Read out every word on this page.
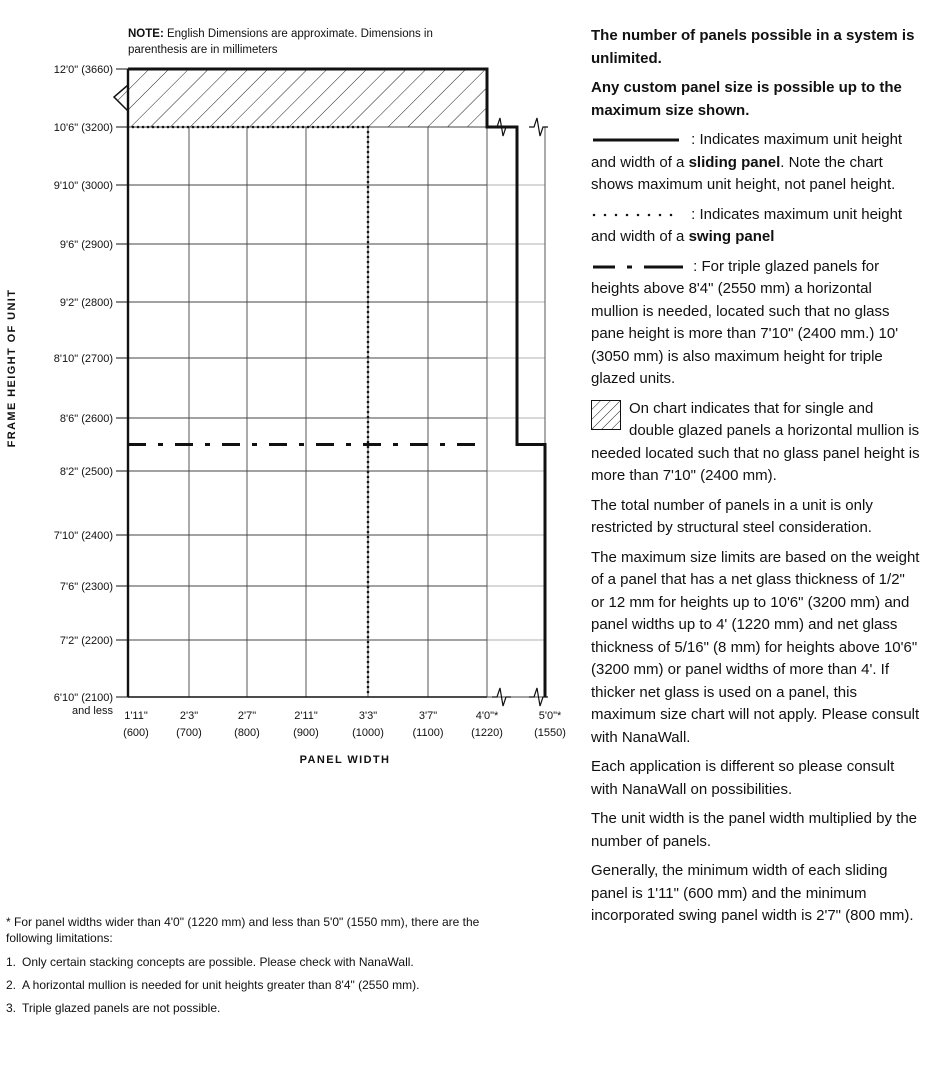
NOTE: English Dimensions are approximate. Dimensions in parenthesis are in millimeters
12'0" (3660)
10'6" (3200)
9'10" (3000)
9'6" (2900)
9'2" (2800)
8'10" (2700)
8'6" (2600)
8'2" (2500)
7'10" (2400)
7'6" (2300)
7'2" (2200)
6'10" (2100)
and less 1'11"
(600)
2'3"
(700)
2'7"
(800)
2'11"
(900)
3'3"
(1000)
3'7"
(1100)
4'0"*
(1220)
5'0"*
(1550)
FRAME HEIGHT OF UNIT
PANEL WIDTH

The number of panels possible in a system is unlimited.

Any custom panel size is possible up to the maximum size shown.

: Indicates maximum unit height and width of a sliding panel. Note the chart shows maximum unit height, not panel height.

: Indicates maximum unit height and width of a swing panel

: For triple glazed panels for heights above 8'4" (2550 mm) a horizontal mullion is needed, located such that no glass pane height is more than 7'10" (2400 mm.) 10' (3050 mm) is also maximum height for triple glazed units.

On chart indicates that for single and double glazed panels a horizontal mullion is needed located such that no glass panel height is more than 7'10" (2400 mm).

The total number of panels in a unit is only restricted by structural steel consideration.

The maximum size limits are based on the weight of a panel that has a net glass thickness of 1/2" or 12 mm for heights up to 10'6" (3200 mm) and panel widths up to 4' (1220 mm) and net glass thickness of 5/16" (8 mm) for heights above 10'6" (3200 mm) or panel widths of more than 4'. If thicker net glass is used on a panel, this maximum size chart will not apply. Please consult with NanaWall.

Each application is different so please consult with NanaWall on possibilities.

The unit width is the panel width multiplied by the number of panels.

Generally, the minimum width of each sliding panel is 1'11" (600 mm) and the minimum incorporated swing panel width is 2'7" (800 mm).

* For panel widths wider than 4'0" (1220 mm) and less than 5'0" (1550 mm), there are the following limitations:

1. Only certain stacking concepts are possible. Please check with NanaWall.
2. A horizontal mullion is needed for unit heights greater than 8'4" (2550 mm).
3. Triple glazed panels are not possible.
